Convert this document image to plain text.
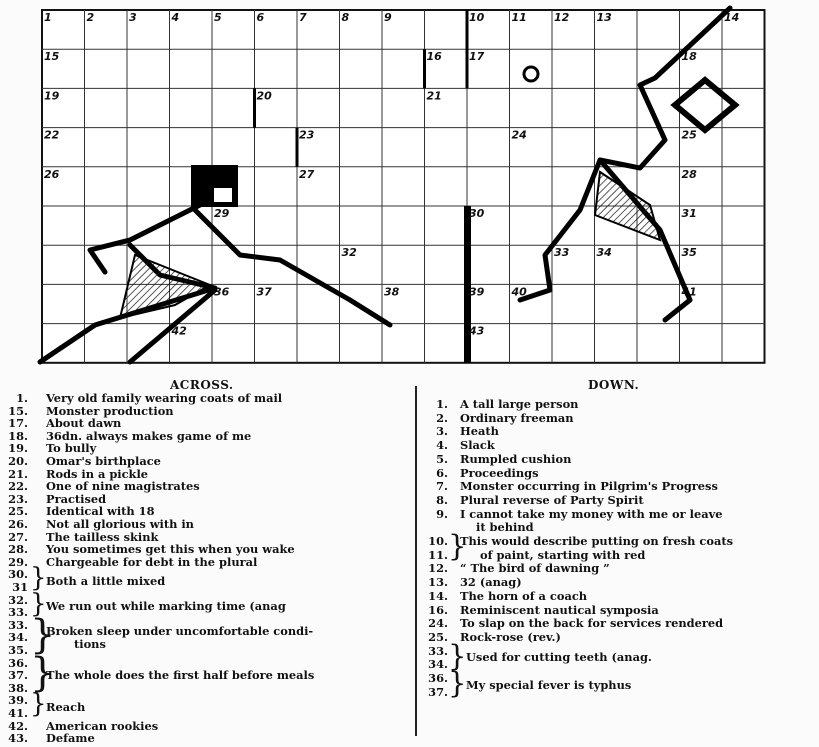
1	2	3	4	5	6	7	8	9	10 11 12 13	14
15	16 17	18
19	20	21
22	23	24	25
26	27	28
29	30	31
32	33 34	35
36 37	38	39 40	41
42	43
ACROSS.	DOWN.
1. Very old family wearing coats of mail
15. Monster production
17. About dawn
18. 36dn. always makes game of me
19. To bully
20. Omar's birthplace
21. Rods in a pickle
22. One of nine magistrates
23. Practised
25. Identical with 18
26. Not all glorious with in
27. The tailless skink
28. You sometimes get this when you wake
29. Chargeable for debt in the plural
30.
31 } Both a little mixed
32.
33. } We run out while marking time (anag
33.
34.
35. }
Broken sleep under uncomfortable condi-
tions
36.
37.
38. }
The whole does the first half before meals
39.
41. } Reach
42. American rookies
43. Defame
1. A tall large person
2. Ordinary freeman
3. Heath
4. Slack
5. Rumpled cushion
6. Proceedings
7. Monster occurring in Pilgrim's Progress
8. Plural reverse of Party Spirit
9. I cannot take my money with me or leave
it behind
10.
11. }
This would describe putting on fresh coats
of paint, starting with red
12. “ The bird of dawning ”
13. 32 (anag)
14. The horn of a coach
16. Reminiscent nautical symposia
24. To slap on the back for services rendered
25. Rock-rose (rev.)
33.
34. } Used for cutting teeth (anag.
36.
37. } My special fever is typhus
